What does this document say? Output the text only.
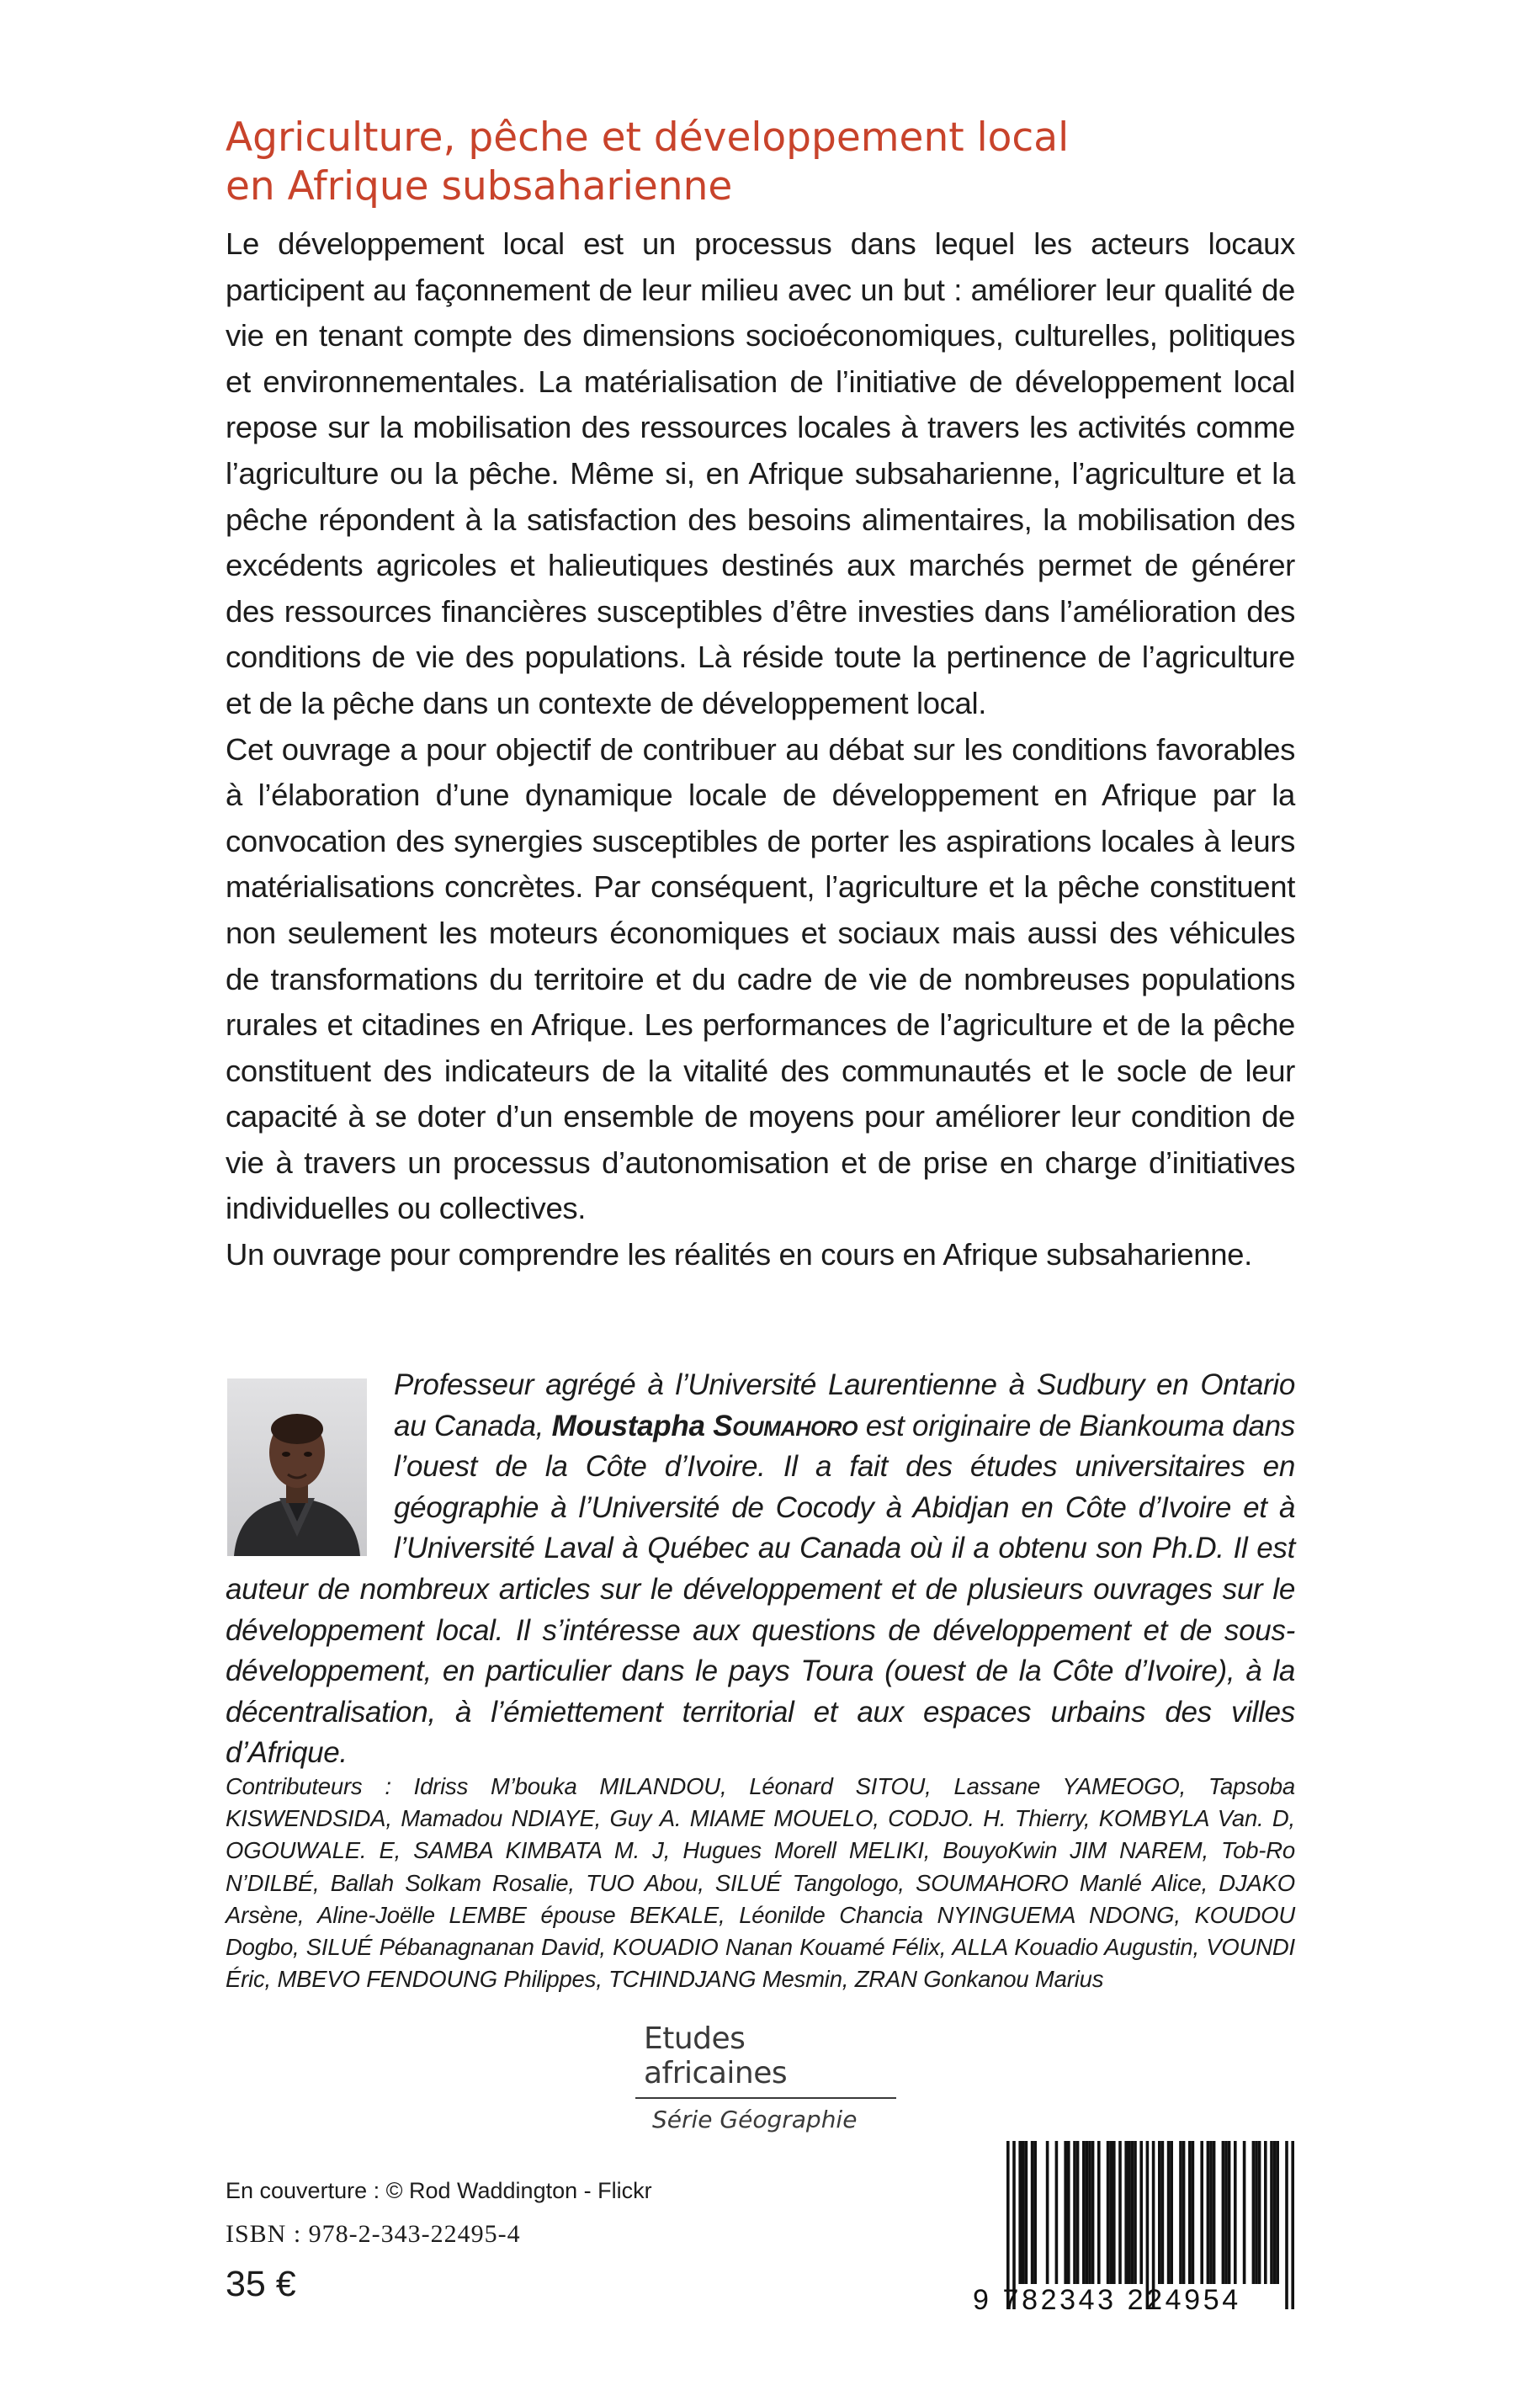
Agriculture, pêche et développement local
en Afrique subsaharienne

Le développement local est un processus dans lequel les acteurs locaux participent au façonnement de leur milieu avec un but : améliorer leur qualité de vie en tenant compte des dimensions socioéconomiques, culturelles, politiques et environnementales. La matérialisation de l’initiative de développement local repose sur la mobilisation des ressources locales à travers les activités comme l’agriculture ou la pêche. Même si, en Afrique subsaharienne, l’agriculture et la pêche répondent à la satisfaction des besoins alimentaires, la mobilisation des excédents agricoles et halieutiques destinés aux marchés permet de générer des ressources financières susceptibles d’être investies dans l’amélioration des conditions de vie des populations. Là réside toute la pertinence de l’agriculture et de la pêche dans un contexte de développement local.

Cet ouvrage a pour objectif de contribuer au débat sur les conditions favorables à l’élaboration d’une dynamique locale de développement en Afrique par la convocation des synergies susceptibles de porter les aspirations locales à leurs matérialisations concrètes. Par conséquent, l’agriculture et la pêche constituent non seulement les moteurs économiques et sociaux mais aussi des véhicules de transformations du territoire et du cadre de vie de nombreuses populations rurales et citadines en Afrique. Les performances de l’agriculture et de la pêche constituent des indicateurs de la vitalité des communautés et le socle de leur capacité à se doter d’un ensemble de moyens pour améliorer leur condition de vie à travers un processus d’autonomisation et de prise en charge d’initiatives individuelles ou collectives.

Un ouvrage pour comprendre les réalités en cours en Afrique subsaharienne.

Professeur agrégé à l’Université Laurentienne à Sudbury en Ontario au Canada, Moustapha Soumahoro est originaire de Biankouma dans l’ouest de la Côte d’Ivoire. Il a fait des études universitaires en géographie à l’Université de Cocody à Abidjan en Côte d’Ivoire et à l’Université Laval à Québec au Canada où il a obtenu son Ph.D. Il est auteur de nombreux articles sur le développement et de plusieurs ouvrages sur le développement local. Il s’intéresse aux questions de développement et de sous-développement, en particulier dans le pays Toura (ouest de la Côte d’Ivoire), à la décentralisation, à l’émiettement territorial et aux espaces urbains des villes d’Afrique.
Contributeurs : Idriss M’bouka MILANDOU, Léonard SITOU, Lassane YAMEOGO, Tapsoba KISWENDSIDA, Mamadou NDIAYE, Guy A. MIAME MOUELO, CODJO. H. Thierry, KOMBYLA Van. D, OGOUWALE. E, SAMBA KIMBATA M. J, Hugues Morell MELIKI, BouyoKwin JIM NAREM, Tob-Ro N’DILBÉ, Ballah Solkam Rosalie, TUO Abou, SILUÉ Tangologo, SOUMAHORO Manlé Alice, DJAKO Arsène, Aline-Joëlle LEMBE épouse BEKALE, Léonilde Chancia NYINGUEMA NDONG, KOUDOU Dogbo, SILUÉ Pébanagnanan David, KOUADIO Nanan Kouamé Félix, ALLA Kouadio Augustin, VOUNDI Éric, MBEVO FENDOUNG Philippes, TCHINDJANG Mesmin, ZRAN Gonkanou Marius
Etudes africaines
Série Géographie
En couverture : © Rod Waddington - Flickr
ISBN : 978-2-343-22495-4
35 €	9 782343 224954
